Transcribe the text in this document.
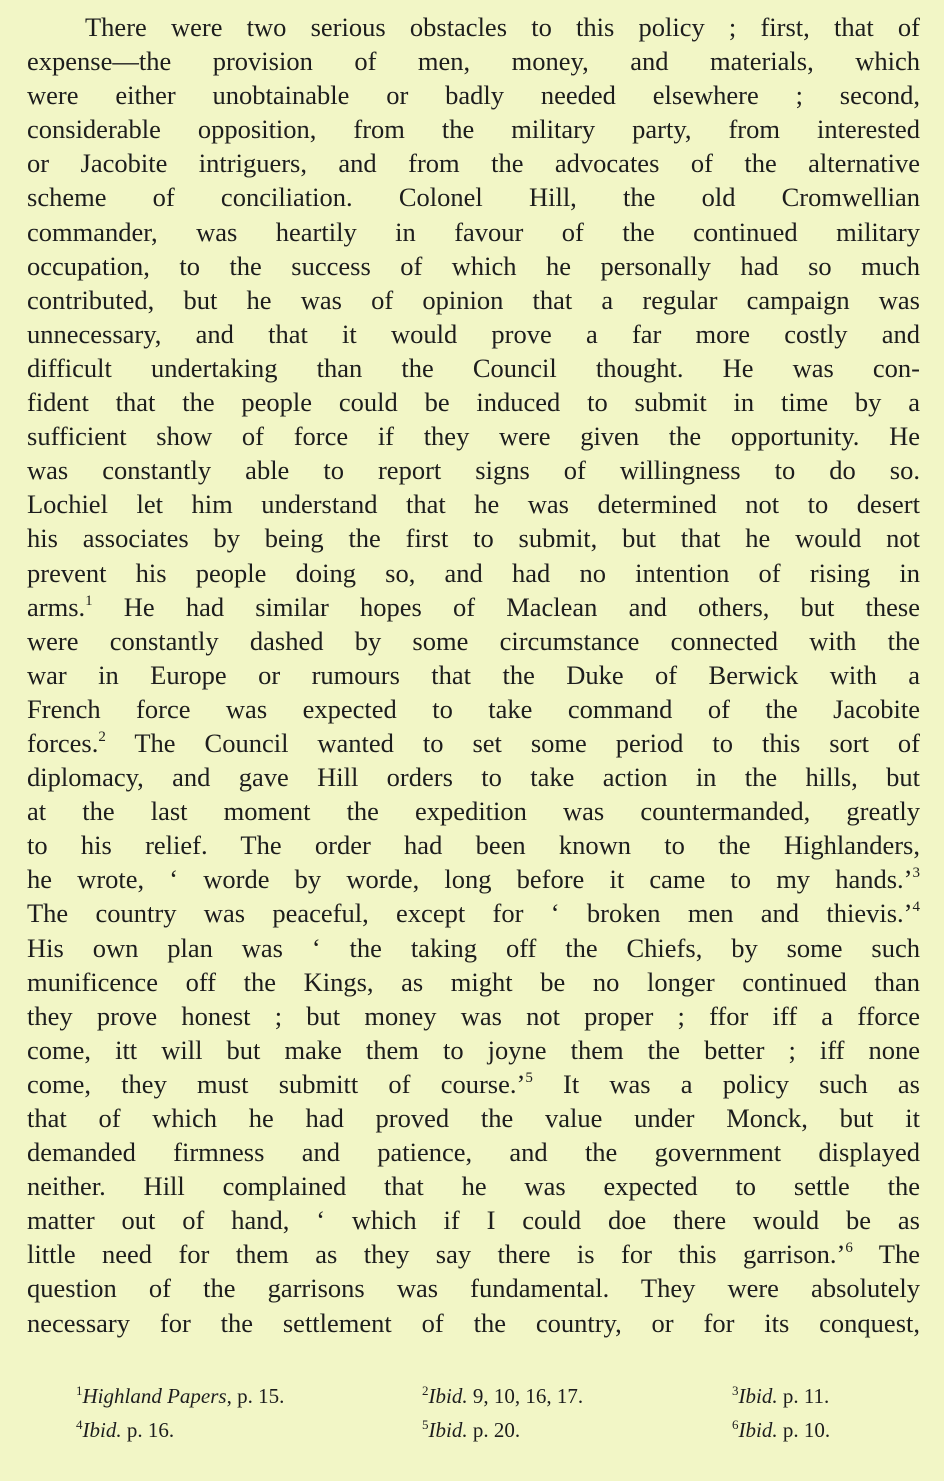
There were two serious obstacles to this policy ; first, that of
expense—the provision of men, money, and materials, which
were either unobtainable or badly needed elsewhere ; second,
considerable opposition, from the military party, from interested
or Jacobite intriguers, and from the advocates of the alternative
scheme of conciliation. Colonel Hill, the old Cromwellian
commander, was heartily in favour of the continued military
occupation, to the success of which he personally had so much
contributed, but he was of opinion that a regular campaign was
unnecessary, and that it would prove a far more costly and
difficult undertaking than the Council thought. He was con-
fident that the people could be induced to submit in time by a
sufficient show of force if they were given the opportunity. He
was constantly able to report signs of willingness to do so.
Lochiel let him understand that he was determined not to desert
his associates by being the first to submit, but that he would not
prevent his people doing so, and had no intention of rising in
arms.$^1$ He had similar hopes of Maclean and others, but these
were constantly dashed by some circumstance connected with the
war in Europe or rumours that the Duke of Berwick with a
French force was expected to take command of the Jacobite
forces.$^2$ The Council wanted to set some period to this sort of
diplomacy, and gave Hill orders to take action in the hills, but
at the last moment the expedition was countermanded, greatly
to his relief. The order had been known to the Highlanders,
he wrote, ‘ worde by worde, long before it came to my hands.’$^3$
The country was peaceful, except for ‘ broken men and thievis.’$^4$
His own plan was ‘ the taking off the Chiefs, by some such
munificence off the Kings, as might be no longer continued than
they prove honest ; but money was not proper ; ffor iff a fforce
come, itt will but make them to joyne them the better ; iff none
come, they must submitt of course.’$^5$ It was a policy such as
that of which he had proved the value under Monck, but it
demanded firmness and patience, and the government displayed
neither. Hill complained that he was expected to settle the
matter out of hand, ‘ which if I could doe there would be as
little need for them as they say there is for this garrison.’$^6$ The
question of the garrisons was fundamental. They were absolutely
necessary for the settlement of the country, or for its conquest,
$^1$Highland Papers, p. 15.	$^2$Ibid. 9, 10, 16, 17.	$^3$Ibid. p. 11.
$^4$Ibid. p. 16.	$^5$Ibid. p. 20.	$^6$Ibid. p. 10.
